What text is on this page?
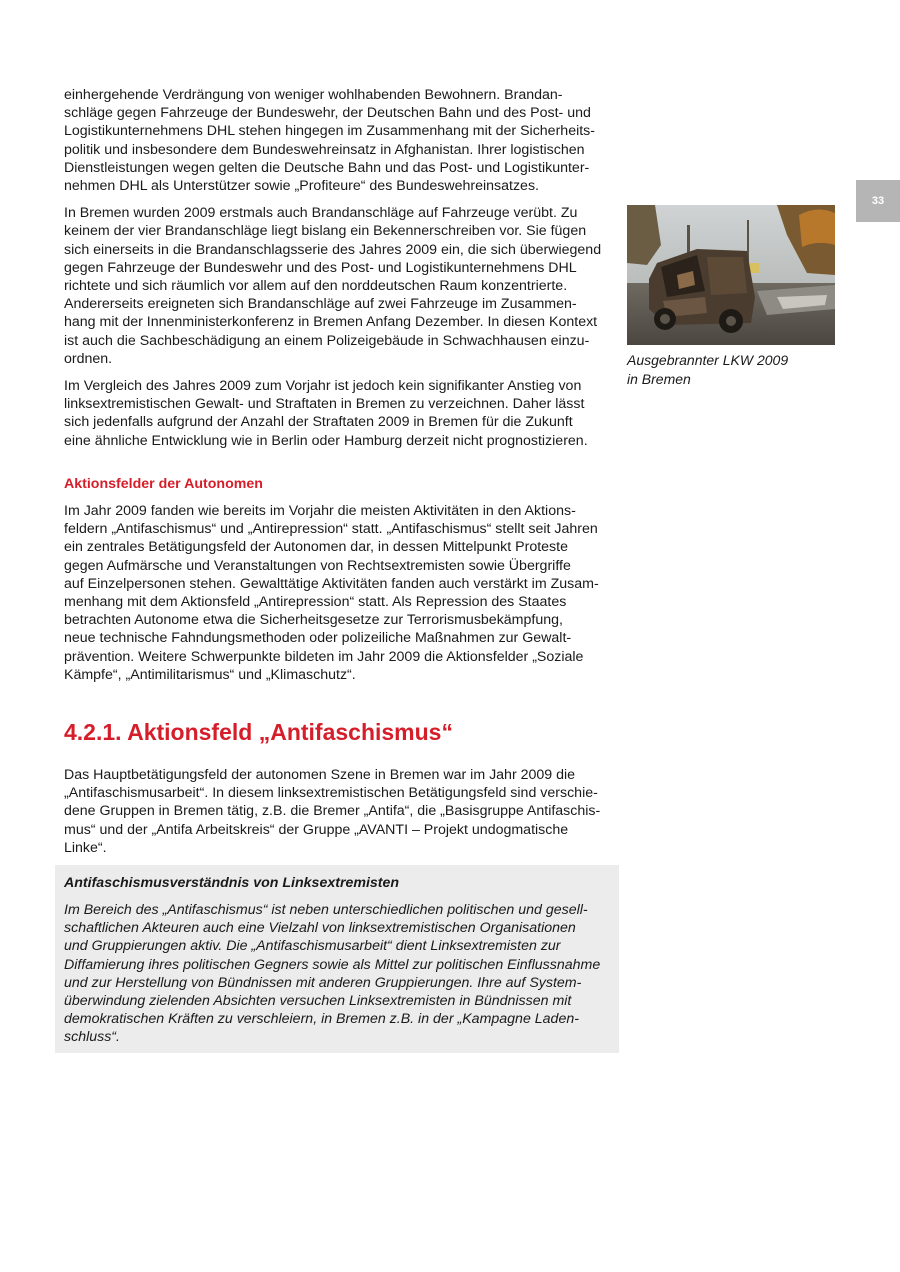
einhergehende Verdrängung von weniger wohlhabenden Bewohnern. Brandan-
schläge gegen Fahrzeuge der Bundeswehr, der Deutschen Bahn und des Post- und
Logistikunternehmens DHL stehen hingegen im Zusammenhang mit der Sicherheits-
politik und insbesondere dem Bundeswehreinsatz in Afghanistan. Ihrer logistischen
Dienstleistungen wegen gelten die Deutsche Bahn und das Post- und Logistikunter-
nehmen DHL als Unterstützer sowie „Profiteure“ des Bundeswehreinsatzes.

In Bremen wurden 2009 erstmals auch Brandanschläge auf Fahrzeuge verübt. Zu
keinem der vier Brandanschläge liegt bislang ein Bekennerschreiben vor. Sie fügen
sich einerseits in die Brandanschlagsserie des Jahres 2009 ein, die sich überwiegend
gegen Fahrzeuge der Bundeswehr und des Post- und Logistikunternehmens DHL
richtete und sich räumlich vor allem auf den norddeutschen Raum konzentrierte.
Andererseits ereigneten sich Brandanschläge auf zwei Fahrzeuge im Zusammen-
hang mit der Innenministerkonferenz in Bremen Anfang Dezember. In diesen Kontext
ist auch die Sachbeschädigung an einem Polizeigebäude in Schwachhausen einzu-
ordnen.

Im Vergleich des Jahres 2009 zum Vorjahr ist jedoch kein signifikanter Anstieg von
linksextremistischen Gewalt- und Straftaten in Bremen zu verzeichnen. Daher lässt
sich jedenfalls aufgrund der Anzahl der Straftaten 2009 in Bremen für die Zukunft
eine ähnliche Entwicklung wie in Berlin oder Hamburg derzeit nicht prognostizieren.

Aktionsfelder der Autonomen

Im Jahr 2009 fanden wie bereits im Vorjahr die meisten Aktivitäten in den Aktions-
feldern „Antifaschismus“ und „Antirepression“ statt. „Antifaschismus“ stellt seit Jahren
ein zentrales Betätigungsfeld der Autonomen dar, in dessen Mittelpunkt Proteste
gegen Aufmärsche und Veranstaltungen von Rechtsextremisten sowie Übergriffe
auf Einzelpersonen stehen. Gewalttätige Aktivitäten fanden auch verstärkt im Zusam-
menhang mit dem Aktionsfeld „Antirepression“ statt. Als Repression des Staates
betrachten Autonome etwa die Sicherheitsgesetze zur Terrorismusbekämpfung,
neue technische Fahndungsmethoden oder polizeiliche Maßnahmen zur Gewalt-
prävention. Weitere Schwerpunkte bildeten im Jahr 2009 die Aktionsfelder „Soziale
Kämpfe“, „Antimilitarismus“ und „Klimaschutz“.

4.2.1. Aktionsfeld „Antifaschismus“

Das Hauptbetätigungsfeld der autonomen Szene in Bremen war im Jahr 2009 die
„Antifaschismusarbeit“. In diesem linksextremistischen Betätigungsfeld sind verschie-
dene Gruppen in Bremen tätig, z.B. die Bremer „Antifa“, die „Basisgruppe Antifaschis-
mus“ und der „Antifa Arbeitskreis“ der Gruppe „AVANTI – Projekt undogmatische
Linke“.

Antifaschismusverständnis von Linksextremisten

Im Bereich des „Antifaschismus“ ist neben unterschiedlichen politischen und gesell-
schaftlichen Akteuren auch eine Vielzahl von linksextremistischen Organisationen
und Gruppierungen aktiv. Die „Antifaschismusarbeit“ dient Linksextremisten zur
Diffamierung ihres politischen Gegners sowie als Mittel zur politischen Einflussnahme
und zur Herstellung von Bündnissen mit anderen Gruppierungen. Ihre auf System-
überwindung zielenden Absichten versuchen Linksextremisten in Bündnissen mit
demokratischen Kräften zu verschleiern, in Bremen z.B. in der „Kampagne Laden-
schluss“.

33

Ausgebrannter LKW 2009
in Bremen
